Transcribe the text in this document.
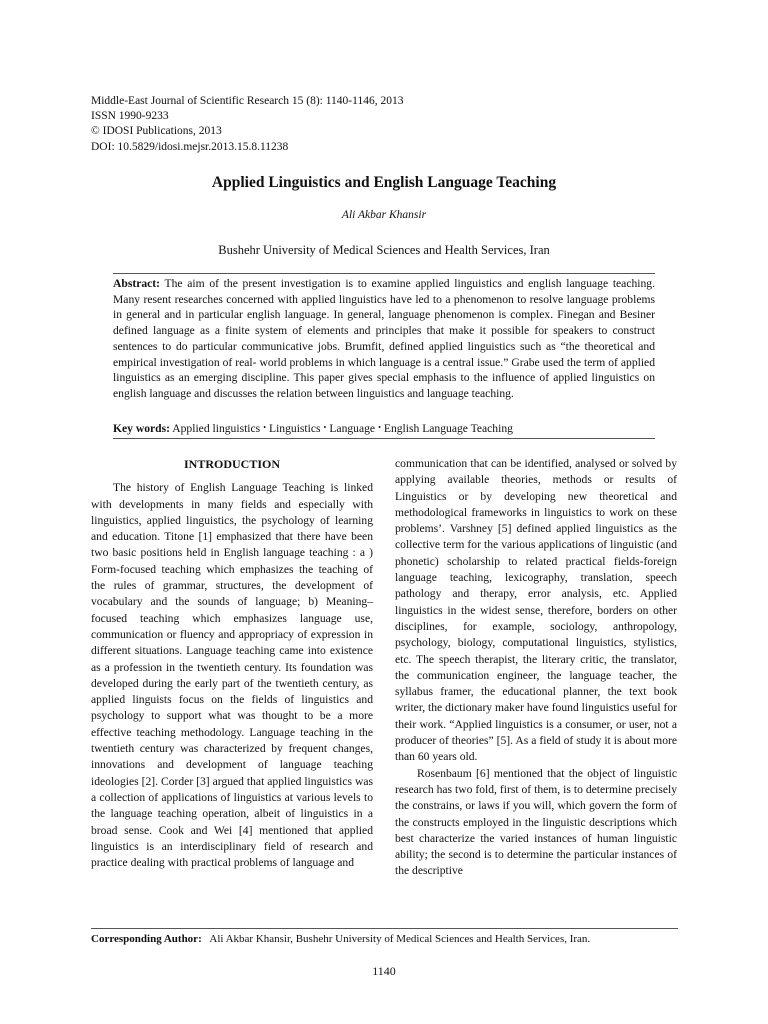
Middle-East Journal of Scientific Research 15 (8): 1140-1146, 2013
ISSN 1990-9233
© IDOSI Publications, 2013
DOI: 10.5829/idosi.mejsr.2013.15.8.11238
Applied Linguistics and English Language Teaching
Ali Akbar Khansir
Bushehr University of Medical Sciences and Health Services, Iran
Abstract: The aim of the present investigation is to examine applied linguistics and english language teaching. Many resent researches concerned with applied linguistics have led to a phenomenon to resolve language problems in general and in particular english language. In general, language phenomenon is complex. Finegan and Besiner defined language as a finite system of elements and principles that make it possible for speakers to construct sentences to do particular communicative jobs. Brumfit, defined applied linguistics such as “the theoretical and empirical investigation of real- world problems in which language is a central issue.” Grabe used the term of applied linguistics as an emerging discipline. This paper gives special emphasis to the influence of applied linguistics on english language and discusses the relation between linguistics and language teaching.
Key words: Applied linguistics • Linguistics • Language • English Language Teaching
INTRODUCTION

The history of English Language Teaching is linked with developments in many fields and especially with linguistics, applied linguistics, the psychology of learning and education. Titone [1] emphasized that there have been two basic positions held in English language teaching : a ) Form-focused teaching which emphasizes the teaching of the rules of grammar, structures, the development of vocabulary and the sounds of language; b) Meaning–focused teaching which emphasizes language use, communication or fluency and appropriacy of expression in different situations. Language teaching came into existence as a profession in the twentieth century. Its foundation was developed during the early part of the twentieth century, as applied linguists focus on the fields of linguistics and psychology to support what was thought to be a more effective teaching methodology. Language teaching in the twentieth century was characterized by frequent changes, innovations and development of language teaching ideologies [2]. Corder [3] argued that applied linguistics was a collection of applications of linguistics at various levels to the language teaching operation, albeit of linguistics in a broad sense. Cook and Wei [4] mentioned that applied linguistics is an interdisciplinary field of research and practice dealing with practical problems of language and

communication that can be identified, analysed or solved by applying available theories, methods or results of Linguistics or by developing new theoretical and methodological frameworks in linguistics to work on these problems’. Varshney [5] defined applied linguistics as the collective term for the various applications of linguistic (and phonetic) scholarship to related practical fields-foreign language teaching, lexicography, translation, speech pathology and therapy, error analysis, etc. Applied linguistics in the widest sense, therefore, borders on other disciplines, for example, sociology, anthropology, psychology, biology, computational linguistics, stylistics, etc. The speech therapist, the literary critic, the translator, the communication engineer, the language teacher, the syllabus framer, the educational planner, the text book writer, the dictionary maker have found linguistics useful for their work. “Applied linguistics is a consumer, or user, not a producer of theories” [5]. As a field of study it is about more than 60 years old.

Rosenbaum [6] mentioned that the object of linguistic research has two fold, first of them, is to determine precisely the constrains, or laws if you will, which govern the form of the constructs employed in the linguistic descriptions which best characterize the varied instances of human linguistic ability; the second is to determine the particular instances of the descriptive

Corresponding Author: Ali Akbar Khansir, Bushehr University of Medical Sciences and Health Services, Iran.
1140
